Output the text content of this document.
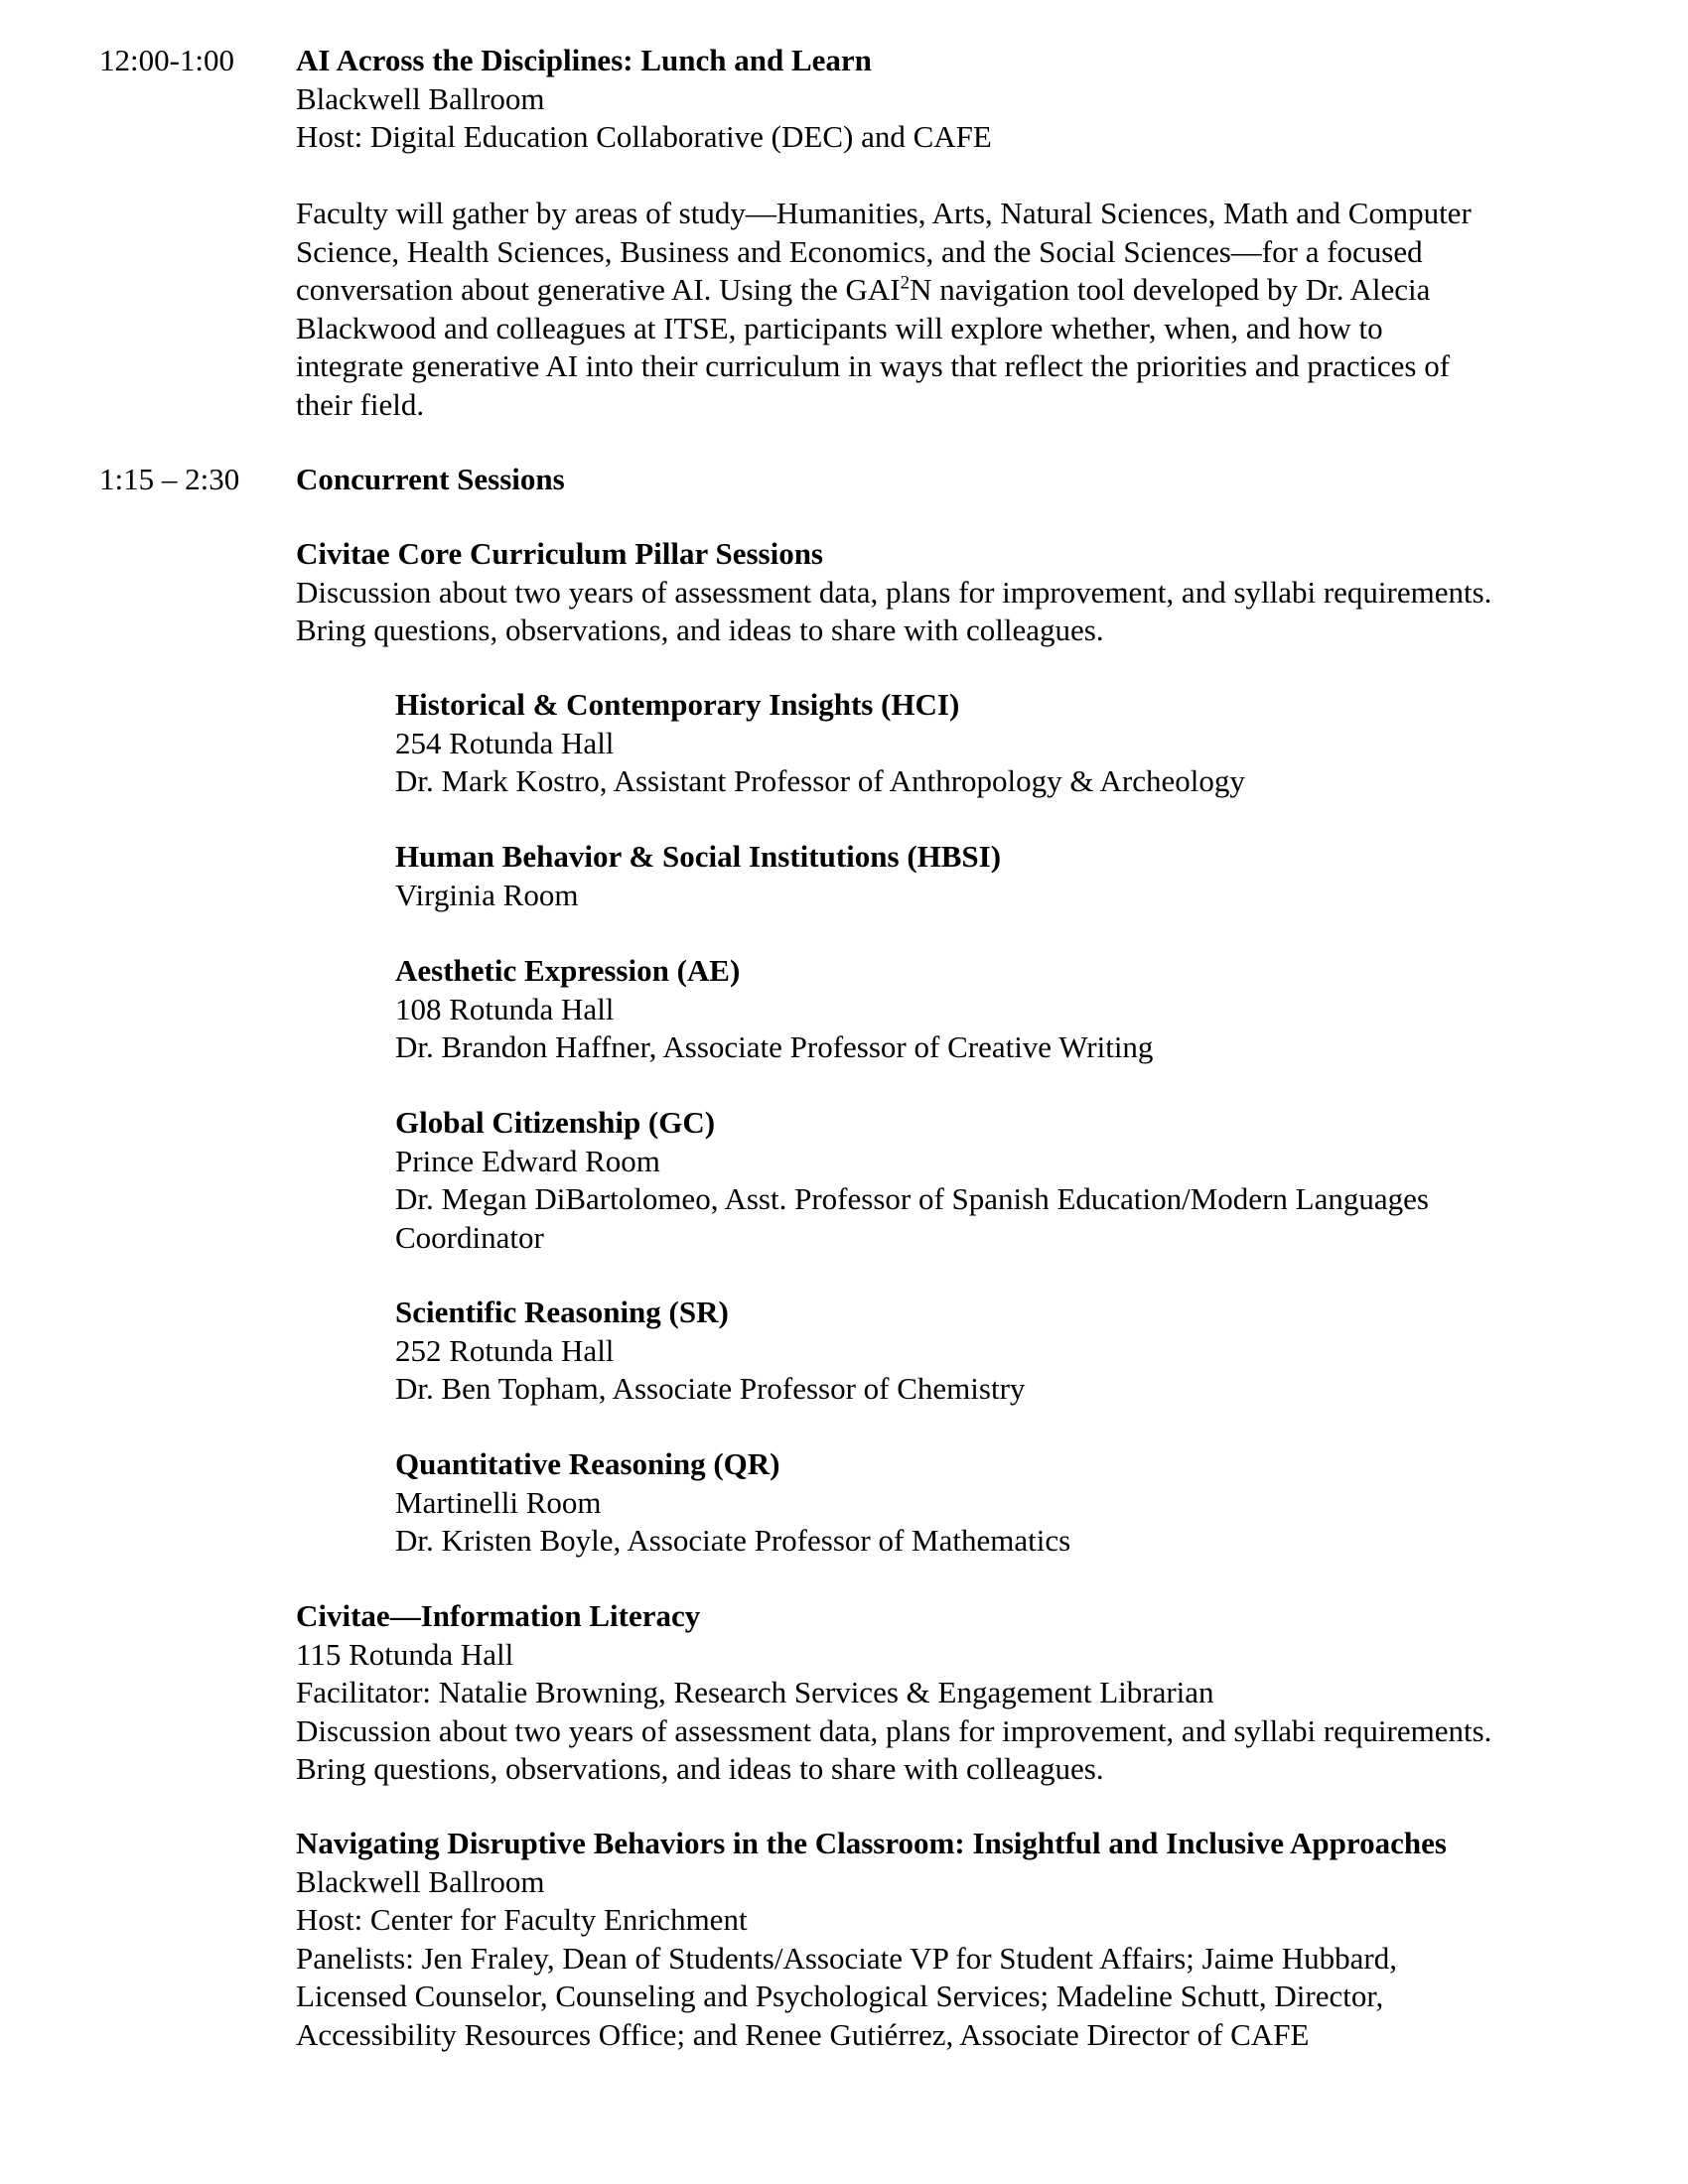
12:00-1:00 AI Across the Disciplines: Lunch and Learn
Blackwell Ballroom
Host: Digital Education Collaborative (DEC) and CAFE
Faculty will gather by areas of study—Humanities, Arts, Natural Sciences, Math and Computer
Science, Health Sciences, Business and Economics, and the Social Sciences—for a focused
conversation about generative AI. Using the GAI$^2$N navigation tool developed by Dr. Alecia
Blackwood and colleagues at ITSE, participants will explore whether, when, and how to
integrate generative AI into their curriculum in ways that reflect the priorities and practices of
their field.
1:15 – 2:30 Concurrent Sessions
Civitae Core Curriculum Pillar Sessions
Discussion about two years of assessment data, plans for improvement, and syllabi requirements.
Bring questions, observations, and ideas to share with colleagues.
Historical & Contemporary Insights (HCI)
254 Rotunda Hall
Dr. Mark Kostro, Assistant Professor of Anthropology & Archeology
Human Behavior & Social Institutions (HBSI)
Virginia Room
Aesthetic Expression (AE)
108 Rotunda Hall
Dr. Brandon Haffner, Associate Professor of Creative Writing
Global Citizenship (GC)
Prince Edward Room
Dr. Megan DiBartolomeo, Asst. Professor of Spanish Education/Modern Languages
Coordinator
Scientific Reasoning (SR)
252 Rotunda Hall
Dr. Ben Topham, Associate Professor of Chemistry
Quantitative Reasoning (QR)
Martinelli Room
Dr. Kristen Boyle, Associate Professor of Mathematics
Civitae—Information Literacy
115 Rotunda Hall
Facilitator: Natalie Browning, Research Services & Engagement Librarian
Discussion about two years of assessment data, plans for improvement, and syllabi requirements.
Bring questions, observations, and ideas to share with colleagues.
Navigating Disruptive Behaviors in the Classroom: Insightful and Inclusive Approaches
Blackwell Ballroom
Host: Center for Faculty Enrichment
Panelists: Jen Fraley, Dean of Students/Associate VP for Student Affairs; Jaime Hubbard,
Licensed Counselor, Counseling and Psychological Services; Madeline Schutt, Director,
Accessibility Resources Office; and Renee Gutiérrez, Associate Director of CAFE
